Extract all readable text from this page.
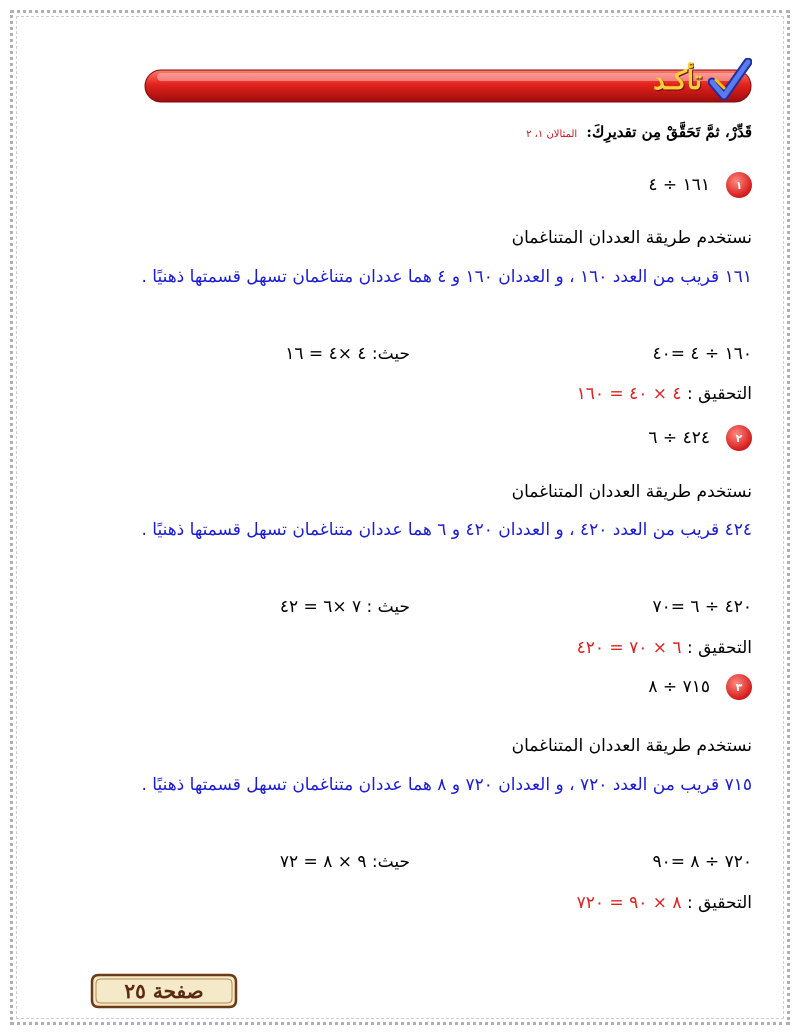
تأكـد
قَدِّرْ، ثمَّ تَحَقَّقْ مِن تقديرِكَ: المثالان ١، ٢
١
١٦١ ÷ ٤
نستخدم طريقة العددان المتناغمان
١٦١ قريب من العدد ١٦٠ ، و العددان ١٦٠ و ٤ هما عددان متناغمان تسهل قسمتها ذهنيًا .
١٦٠ ÷ ٤ =٤٠
حيث: ٤ ×٤ = ١٦
التحقيق : ٤ × ٤٠ = ١٦٠
٢
٤٢٤ ÷ ٦
نستخدم طريقة العددان المتناغمان
٤٢٤ قريب من العدد ٤٢٠ ، و العددان ٤٢٠ و ٦ هما عددان متناغمان تسهل قسمتها ذهنيًا .
٤٢٠ ÷ ٦ =٧٠
حيث : ٧ ×٦ = ٤٢
التحقيق : ٦ × ٧٠ = ٤٢٠
٣
٧١٥ ÷ ٨
نستخدم طريقة العددان المتناغمان
٧١٥ قريب من العدد ٧٢٠ ، و العددان ٧٢٠ و ٨ هما عددان متناغمان تسهل قسمتها ذهنيًا .
٧٢٠ ÷ ٨ =٩٠
حيث: ٩ × ٨ = ٧٢
التحقيق : ٨ × ٩٠ = ٧٢٠
صفحة ٢٥
